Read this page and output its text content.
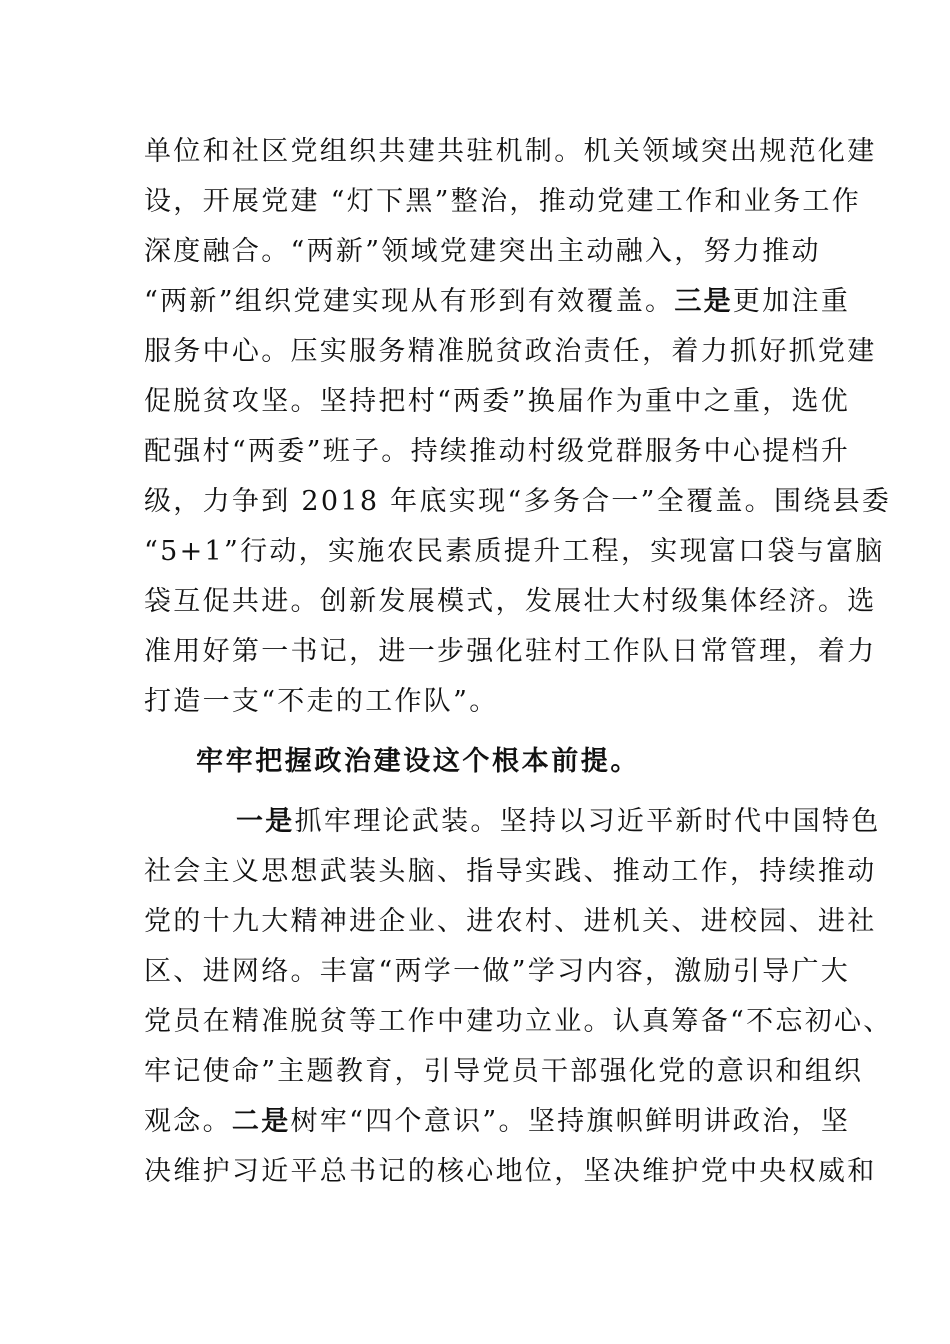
单位和社区党组织共建共驻机制。机关领域突出规范化建
设，开展党建 “灯下黑”整治，推动党建工作和业务工作
深度融合。“两新”领域党建突出主动融入，努力推动
“两新”组织党建实现从有形到有效覆盖。三是更加注重
服务中心。压实服务精准脱贫政治责任，着力抓好抓党建
促脱贫攻坚。坚持把村“两委”换届作为重中之重，选优
配强村“两委”班子。持续推动村级党群服务中心提档升
级，力争到 2018 年底实现“多务合一”全覆盖。围绕县委
“5+1”行动，实施农民素质提升工程，实现富口袋与富脑
袋互促共进。创新发展模式，发展壮大村级集体经济。选
准用好第一书记，进一步强化驻村工作队日常管理，着力
打造一支“不走的工作队”。
牢牢把握政治建设这个根本前提。
一是抓牢理论武装。坚持以习近平新时代中国特色
社会主义思想武装头脑、指导实践、推动工作，持续推动
党的十九大精神进企业、进农村、进机关、进校园、进社
区、进网络。丰富“两学一做”学习内容，激励引导广大
党员在精准脱贫等工作中建功立业。认真筹备“不忘初心、
牢记使命”主题教育，引导党员干部强化党的意识和组织
观念。二是树牢“四个意识”。坚持旗帜鲜明讲政治，坚
决维护习近平总书记的核心地位，坚决维护党中央权威和
